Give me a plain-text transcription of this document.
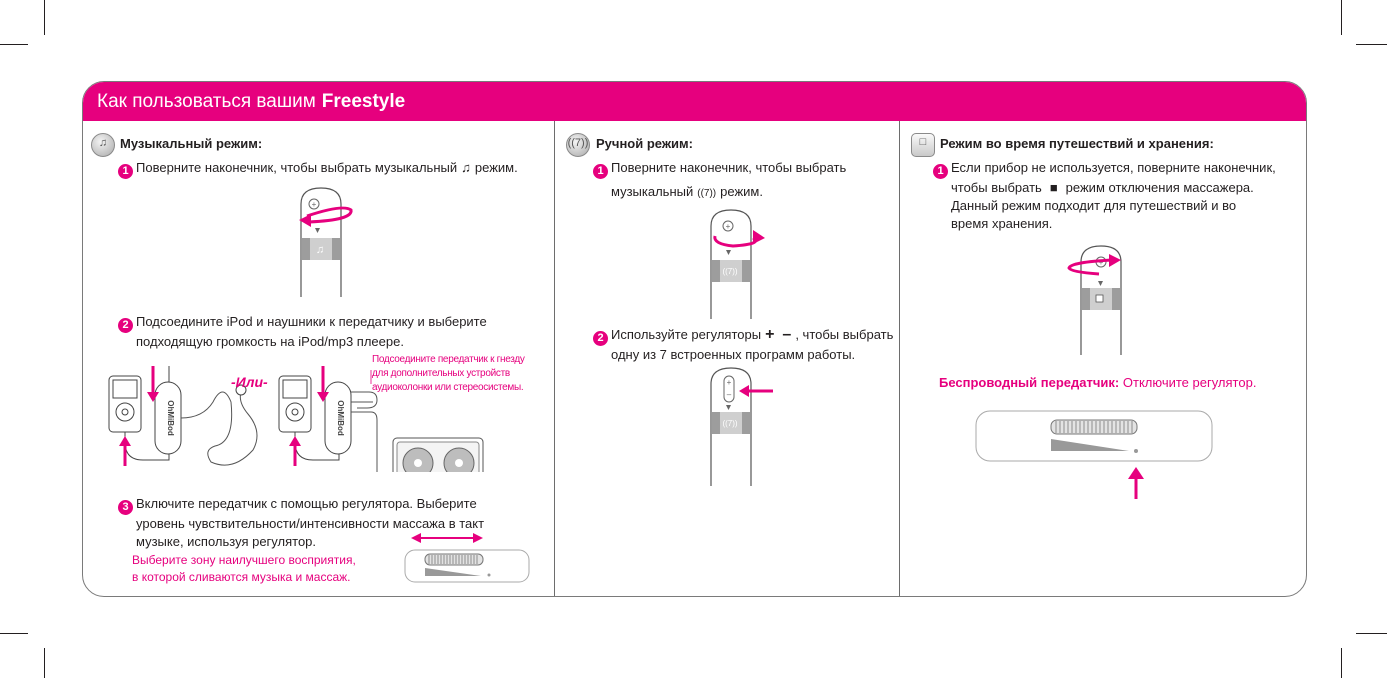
Как пользоваться вашим Freestyle
♫ Музыкальный режим:
1 Поверните наконечник, чтобы выбрать музыкальный ♫ режим.
♫
+
2 Подсоедините iPod и наушники к передатчику и выберите
подходящую громкость на iPod/mp3 плеере.
OhMiBod
-Или-
OhMiBod
Подсоедините передатчик к гнезду
для дополнительных устройств
аудиоколонки или стереосистемы.
3 Включите передатчик с помощью регулятора. Выберите
уровень чувствительности/интенсивности массажа в такт
музыке, используя регулятор.
Выберите зону наилучшего восприятия,
в которой сливаются музыка и массаж.
((7)) Ручной режим:
1 Поверните наконечник, чтобы выбрать
музыкальный ((7)) режим.
((7))
+
2 Используйте регуляторы + – , чтобы выбрать
одну из 7 встроенных программ работы.
((7))
+
–
□	Режим во время путешествий и хранения:
1 Если прибор не используется, поверните наконечник,
чтобы выбрать ■ режим отключения массажера.
Данный режим подходит для путешествий и во
время хранения.
+
Беспроводный передатчик: Отключите регулятор.
